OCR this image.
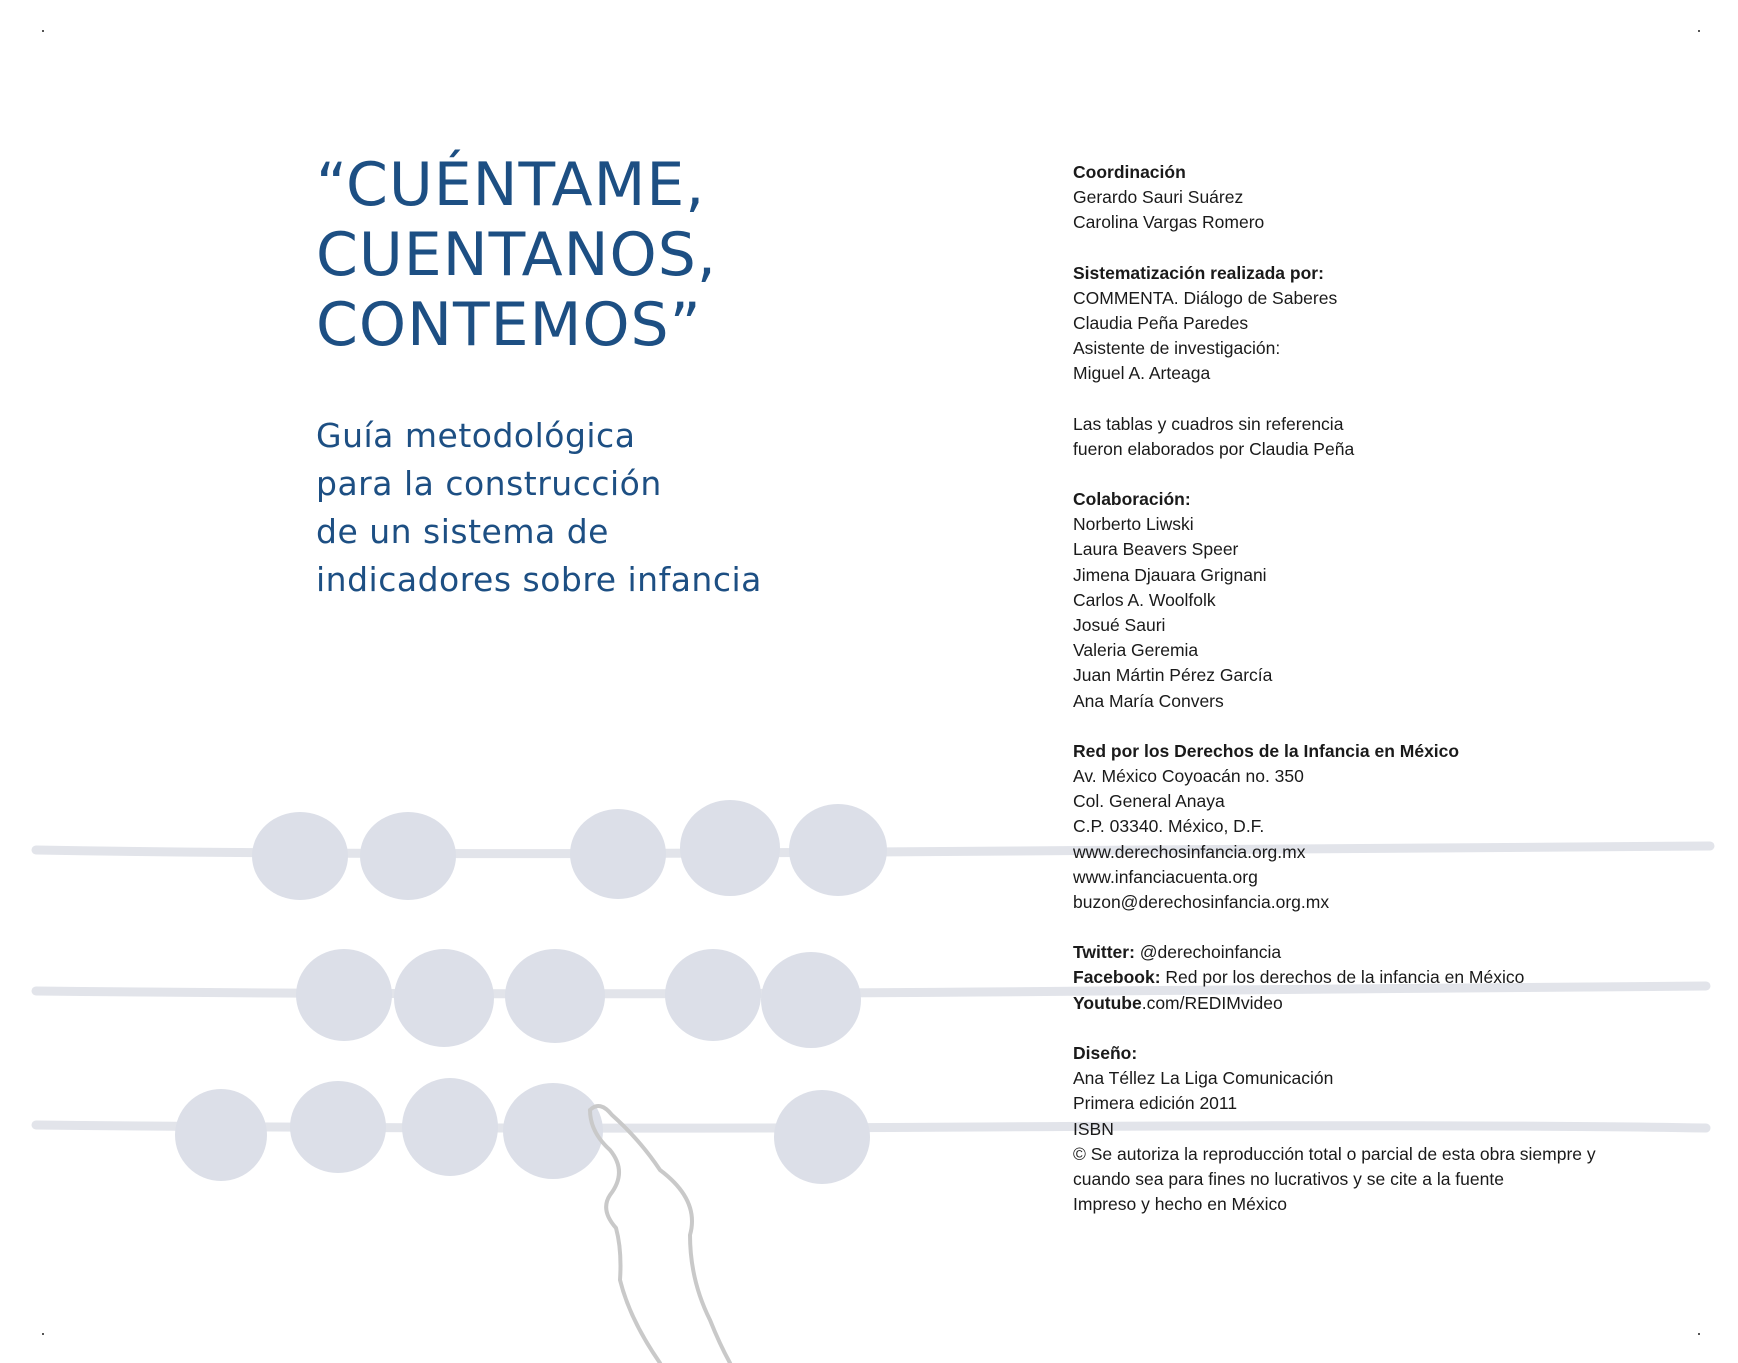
“CUÉNTAME,
CUENTANOS,
CONTEMOS”
Guía metodológica
para la construcción
de un sistema de
indicadores sobre infancia
Coordinación
Gerardo Sauri Suárez
Carolina Vargas Romero
Sistematización realizada por:
COMMENTA. Diálogo de Saberes
Claudia Peña Paredes
Asistente de investigación:
Miguel A. Arteaga
Las tablas y cuadros sin referencia
fueron elaborados por Claudia Peña
Colaboración:
Norberto Liwski
Laura Beavers Speer
Jimena Djauara Grignani
Carlos A. Woolfolk
Josué Sauri
Valeria Geremia
Juan Mártin Pérez García
Ana María Convers
Red por los Derechos de la Infancia en México
Av. México Coyoacán no. 350
Col. General Anaya
C.P. 03340. México, D.F.
www.derechosinfancia.org.mx
www.infanciacuenta.org
buzon@derechosinfancia.org.mx
Twitter: @derechoinfancia
Facebook: Red por los derechos de la infancia en México
Youtube.com/REDIMvideo
Diseño:
Ana Téllez La Liga Comunicación
Primera edición 2011
ISBN
© Se autoriza la reproducción total o parcial de esta obra siempre y
cuando sea para fines no lucrativos y se cite a la fuente
Impreso y hecho en México
